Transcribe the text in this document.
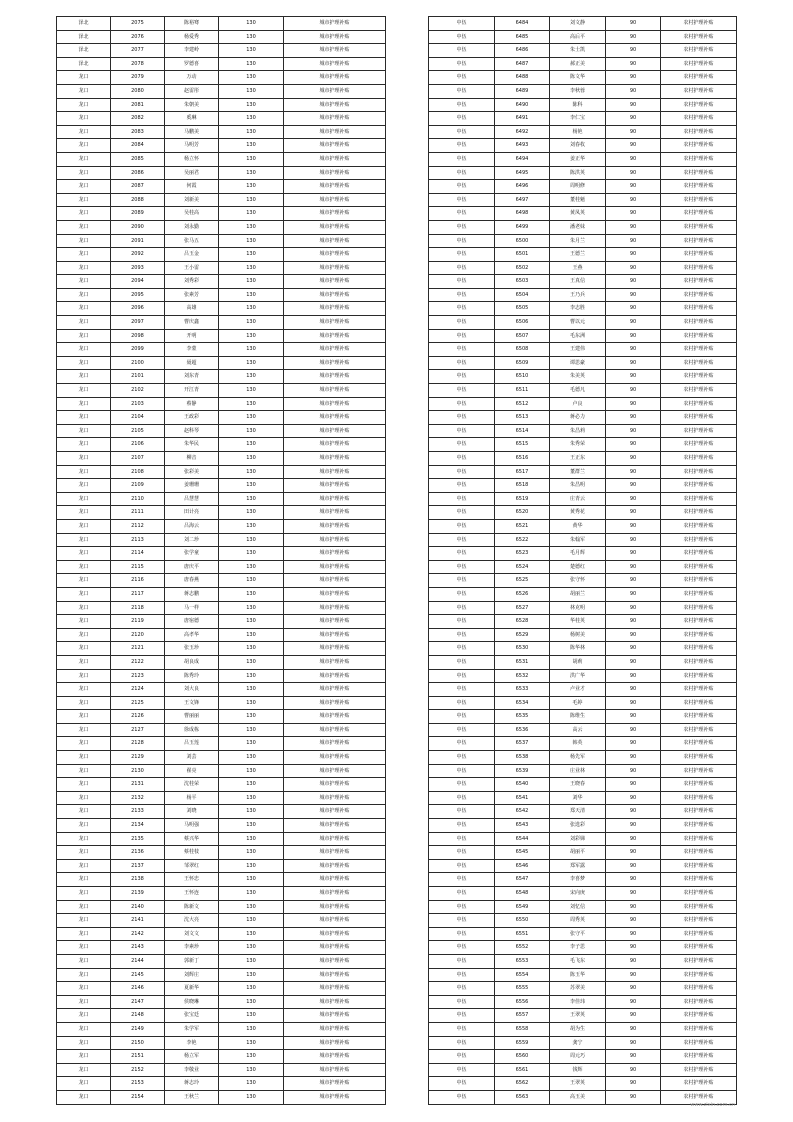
泽北	2075	陈裕骞	130	城市护理补贴
泽北	2076	杨爱秀	130	城市护理补贴
泽北	2077	李建岭	130	城市护理补贴
泽北	2078	罗德喜	130	城市护理补贴
龙口	2079	万动	130	城市护理补贴
龙口	2080	赵雷彤	130	城市护理补贴
龙口	2081	朱朝美	130	城市护理补贴
龙口	2082	奚琳	130	城市护理补贴
龙口	2083	马鹏美	130	城市护理补贴
龙口	2084	马明芳	130	城市护理补贴
龙口	2085	杨立怀	130	城市护理补贴
龙口	2086	吴丽君	130	城市护理补贴
龙口	2087	何霞	130	城市护理补贴
龙口	2088	刘新美	130	城市护理补贴
龙口	2089	吴桂高	130	城市护理补贴
龙口	2090	刘永勤	130	城市护理补贴
龙口	2091	张马五	130	城市护理补贴
龙口	2092	吕玉金	130	城市护理补贴
龙口	2093	王小雷	130	城市护理补贴
龙口	2094	刘秀彩	130	城市护理补贴
龙口	2095	张素芳	130	城市护理补贴
龙口	2096	高雄	130	城市护理补贴
龙口	2097	曹庆鑫	130	城市护理补贴
龙口	2098	开明	130	城市护理补贴
龙口	2099	李蒙	130	城市护理补贴
龙口	2100	聂超	130	城市护理补贴
龙口	2101	刘东青	130	城市护理补贴
龙口	2102	开江青	130	城市护理补贴
龙口	2103	蔡静	130	城市护理补贴
龙口	2104	王政彩	130	城市护理补贴
龙口	2105	赵科琴	130	城市护理补贴
龙口	2106	朱华民	130	城市护理补贴
龙口	2107	柳音	130	城市护理补贴
龙口	2108	张彩美	130	城市护理补贴
龙口	2109	姜珊珊	130	城市护理补贴
龙口	2110	吕慧慧	130	城市护理补贴
龙口	2111	田计亮	130	城市护理补贴
龙口	2112	吕海云	130	城市护理补贴
龙口	2113	刘二珍	130	城市护理补贴
龙口	2114	张学童	130	城市护理补贴
龙口	2115	唐庆平	130	城市护理补贴
龙口	2116	唐春燕	130	城市护理补贴
龙口	2117	蒋志鹏	130	城市护理补贴
龙口	2118	马一样	130	城市护理补贴
龙口	2119	唐宿德	130	城市护理补贴
龙口	2120	高孝华	130	城市护理补贴
龙口	2121	张玉珍	130	城市护理补贴
龙口	2122	胡良成	130	城市护理补贴
龙口	2123	陈秀玲	130	城市护理补贴
龙口	2124	刘大良	130	城市护理补贴
龙口	2125	王文锋	130	城市护理补贴
龙口	2126	曹丽丽	130	城市护理补贴
龙口	2127	徐成栋	130	城市护理补贴
龙口	2128	吕玉莲	130	城市护理补贴
龙口	2129	刘芸	130	城市护理补贴
龙口	2130	翟亮	130	城市护理补贴
龙口	2131	沈桂荣	130	城市护理补贴
龙口	2132	杨平	130	城市护理补贴
龙口	2133	刘晓	130	城市护理补贴
龙口	2134	马明强	130	城市护理补贴
龙口	2135	蔡兴华	130	城市护理补贴
龙口	2136	蔡桂枝	130	城市护理补贴
龙口	2137	邹翠红	130	城市护理补贴
龙口	2138	王怀忠	130	城市护理补贴
龙口	2139	王怀连	130	城市护理补贴
龙口	2140	陈新文	130	城市护理补贴
龙口	2141	沈大亮	130	城市护理补贴
龙口	2142	刘文文	130	城市护理补贴
龙口	2143	李素珍	130	城市护理补贴
龙口	2144	郭新丁	130	城市护理补贴
龙口	2145	刘辉庄	130	城市护理补贴
龙口	2146	夏新华	130	城市护理补贴
龙口	2147	侯晓琳	130	城市护理补贴
龙口	2148	张宝廷	130	城市护理补贴
龙口	2149	朱学军	130	城市护理补贴
龙口	2150	李艳	130	城市护理补贴
龙口	2151	杨立军	130	城市护理补贴
龙口	2152	李敬业	130	城市护理补贴
龙口	2153	蒋志玲	130	城市护理补贴
龙口	2154	王秋兰	130	城市护理补贴
中伍	6484	刘文静	90	农村护理补贴
中伍	6485	高后平	90	农村护理补贴
中伍	6486	朱士凯	90	农村护理补贴
中伍	6487	郝正美	90	农村护理补贴
中伍	6488	陈文华	90	农村护理补贴
中伍	6489	李秋蓉	90	农村护理补贴
中伍	6490	陈科	90	农村护理补贴
中伍	6491	李仁宝	90	农村护理补贴
中伍	6492	杨艳	90	农村护理补贴
中伍	6493	刘春枚	90	农村护理补贴
中伍	6494	姜正华	90	农村护理补贴
中伍	6495	陈洪英	90	农村护理补贴
中伍	6496	周明修	90	农村护理补贴
中伍	6497	董桂魁	90	农村护理补贴
中伍	6498	黄凤英	90	农村护理补贴
中伍	6499	潘老妹	90	农村护理补贴
中伍	6500	朱月兰	90	农村护理补贴
中伍	6501	王德兰	90	农村护理补贴
中伍	6502	王燕	90	农村护理补贴
中伍	6503	王真信	90	农村护理补贴
中伍	6504	王乃兵	90	农村护理补贴
中伍	6505	李志胜	90	农村护理补贴
中伍	6506	曹以元	90	农村护理补贴
中伍	6507	毛东洲	90	农村护理补贴
中伍	6508	王建伟	90	农村护理补贴
中伍	6509	谭思豪	90	农村护理补贴
中伍	6510	朱美英	90	农村护理补贴
中伍	6511	毛德凡	90	农村护理补贴
中伍	6512	卢良	90	农村护理补贴
中伍	6513	蒋必力	90	农村护理补贴
中伍	6514	朱昌莉	90	农村护理补贴
中伍	6515	朱秀荣	90	农村护理补贴
中伍	6516	王正东	90	农村护理补贴
中伍	6517	董群兰	90	农村护理补贴
中伍	6518	朱昌明	90	农村护理补贴
中伍	6519	庄青云	90	农村护理补贴
中伍	6520	黄秀花	90	农村护理补贴
中伍	6521	黄华	90	农村护理补贴
中伍	6522	朱翰军	90	农村护理补贴
中伍	6523	毛月辉	90	农村护理补贴
中伍	6524	楚德红	90	农村护理补贴
中伍	6525	张守怀	90	农村护理补贴
中伍	6526	胡丽兰	90	农村护理补贴
中伍	6527	林克明	90	农村护理补贴
中伍	6528	华桂英	90	农村护理补贴
中伍	6529	杨树美	90	农村护理补贴
中伍	6530	陈华林	90	农村护理补贴
中伍	6531	胡莉	90	农村护理补贴
中伍	6532	洪广华	90	农村护理补贴
中伍	6533	卢业才	90	农村护理补贴
中伍	6534	毛婷	90	农村护理补贴
中伍	6535	陈维生	90	农村护理补贴
中伍	6536	高云	90	农村护理补贴
中伍	6537	韩英	90	农村护理补贴
中伍	6538	杨先军	90	农村护理补贴
中伍	6539	庄业林	90	农村护理补贴
中伍	6540	王晓春	90	农村护理补贴
中伍	6541	刘华	90	农村护理补贴
中伍	6542	郑天清	90	农村护理补贴
中伍	6543	张选彩	90	农村护理补贴
中伍	6544	刘彩娣	90	农村护理补贴
中伍	6545	胡丽平	90	农村护理补贴
中伍	6546	郑军露	90	农村护理补贴
中伍	6547	李喜梦	90	农村护理补贴
中伍	6548	宋向庚	90	农村护理补贴
中伍	6549	刘忆信	90	农村护理补贴
中伍	6550	周秀英	90	农村护理补贴
中伍	6551	张守平	90	农村护理补贴
中伍	6552	李子思	90	农村护理补贴
中伍	6553	毛飞东	90	农村护理补贴
中伍	6554	陈玉华	90	农村护理补贴
中伍	6555	苏翠美	90	农村护理补贴
中伍	6556	李佳玮	90	农村护理补贴
中伍	6557	王翠英	90	农村护理补贴
中伍	6558	胡为生	90	农村护理补贴
中伍	6559	龚宁	90	农村护理补贴
中伍	6560	周元巧	90	农村护理补贴
中伍	6561	钱辉	90	农村护理补贴
中伍	6562	王翠英	90	农村护理补贴
中伍	6563	高玉美	90	农村护理补贴
www.zixin.com.cn
